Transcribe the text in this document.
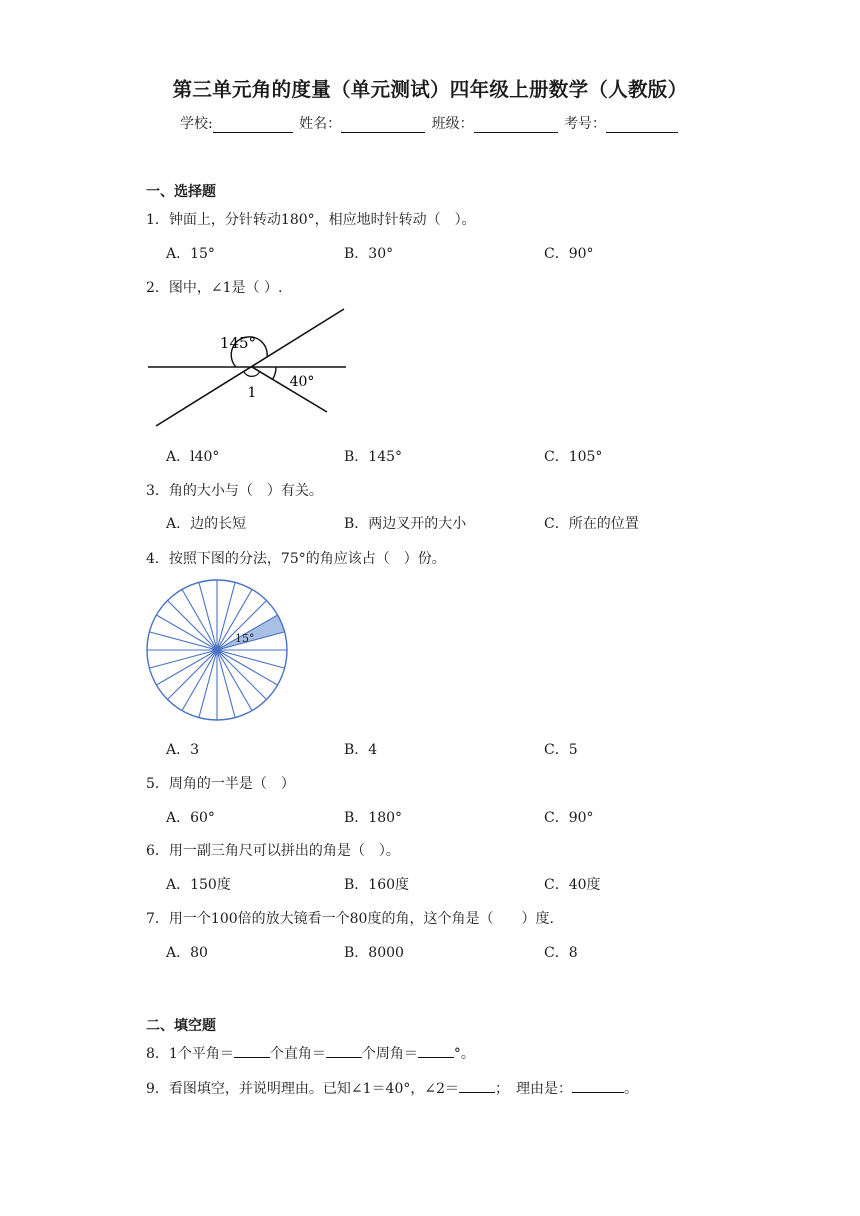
第三单元角的度量（单元测试）四年级上册数学（人教版）
学校:	姓名：	班级：	考号：
一、选择题
1．钟面上，分针转动180°，相应地时针转动（　）。
A．15°	B．30°	C．90°
2．图中，∠1是（ ）.
145°
40°
1
A．l40°	B．145°	C．105°
3．角的大小与（　）有关。
A．边的长短	B．两边叉开的大小	C．所在的位置
4．按照下图的分法，75°的角应该占（　）份。
15°
A．3	B．4	C．5
5．周角的一半是（　）
A．60°	B．180°	C．90°
6．用一副三角尺可以拼出的角是（　）。
A．150度	B．160度	C．40度
7．用一个100倍的放大镜看一个80度的角，这个角是（　　）度.
A．80	B．8000	C．8
二、填空题
8．1个平角＝	个直角＝	个周角＝	°。
9．看图填空，并说明理由。已知∠1＝40°，∠2＝	；　理由是：	。
